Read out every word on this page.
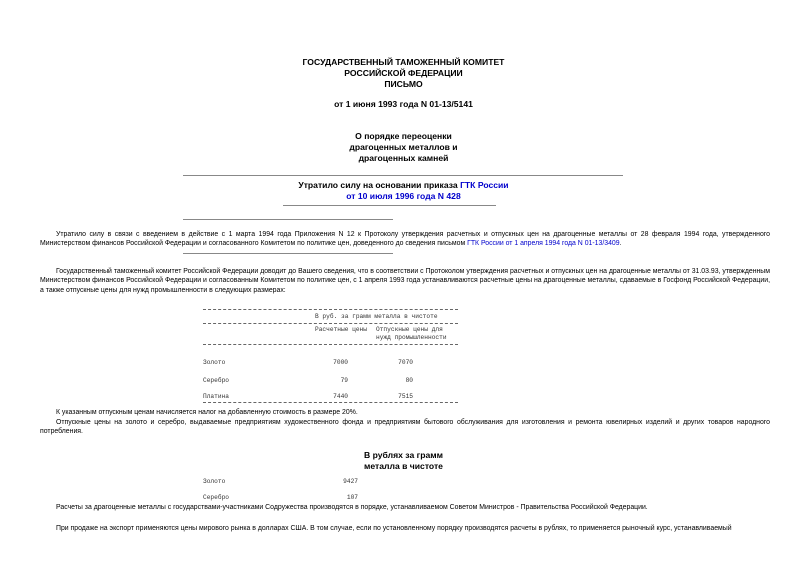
ГОСУДАРСТВЕННЫЙ ТАМОЖЕННЫЙ КОМИТЕТ
РОССИЙСКОЙ ФЕДЕРАЦИИ
ПИСЬМО
от 1 июня 1993 года N 01-13/5141
О порядке переоценки
драгоценных металлов и
драгоценных камней
Утратило силу на основании приказа ГТК России
от 10 июля 1996 года N 428
Утратило силу в связи с введением в действие с 1 марта 1994 года Приложения N 12 к Протоколу утверждения расчетных и отпускных цен на драгоценные металлы от 28 февраля 1994 года, утвержденного Министерством финансов Российской Федерации и согласованного Комитетом по политике цен, доведенного до сведения письмом ГТК России от 1 апреля 1994 года N 01-13/3409.
Государственный таможенный комитет Российской Федерации доводит до Вашего сведения, что в соответствии с Протоколом утверждения расчетных и отпускных цен на драгоценные металлы от 31.03.93, утвержденным Министерством финансов Российской Федерации и согласованным Комитетом по политике цен, с 1 апреля 1993 года устанавливаются расчетные цены на драгоценные металлы, сдаваемые в Госфонд Российской Федерации, а также отпускные цены для нужд промышленности в следующих размерах:
В руб. за грамм металла в чистоте
Расчетные цены Отпускные цены для
нужд промышленности
Золото	7000	7070
Серебро	79	80
Платина	7440	7515
К указанным отпускным ценам начисляется налог на добавленную стоимость в размере 20%.
Отпускные цены на золото и серебро, выдаваемые предприятиям художественного фонда и предприятиям бытового обслуживания для изготовления и ремонта ювелирных изделий и других товаров народного потребления.
В рублях за грамм
металла в чистоте
Золото	9427
Серебро	107
Расчеты за драгоценные металлы с государствами-участниками Содружества производятся в порядке, устанавливаемом Советом Министров - Правительства Российской Федерации.
При продаже на экспорт применяются цены мирового рынка в долларах США. В том случае, если по установленному порядку производятся расчеты в рублях, то применяется рыночный курс, устанавливаемый
